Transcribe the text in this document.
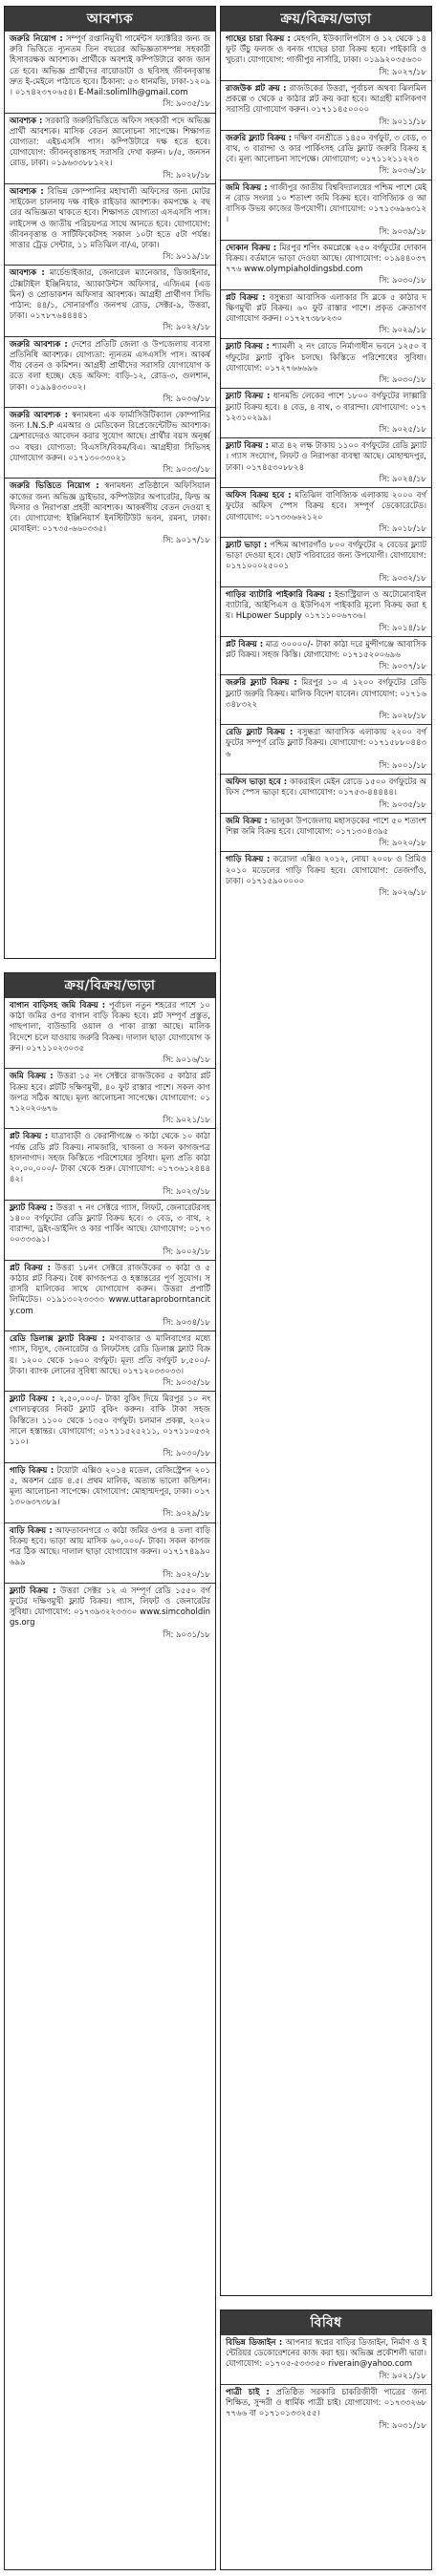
আবশ্যক
জরুরি নিয়োগ : সম্পূর্ণ রপ্তানিমুখী গার্মেন্টস ফ্যাক্টরির জন্য জরুরি ভিত্তিতে ন্যূনতম তিন বছরের অভিজ্ঞতাসম্পন্ন সহকারী হিসাবরক্ষক আবশ্যক। প্রার্থীকে অবশ্যই কম্পিউটারে কাজ জানতে হবে। অভিজ্ঞ প্রার্থীদের বায়োডাটা ও ছবিসহ জীবনবৃত্তান্ত দ্রুত ই-মেইলে পাঠাতে হবে। ঠিকানা: ৫৩ ধানমন্ডি, ঢাকা-১২০৯। ০১৭৪২৩৭০৬৫৪। E-Mail:solimllh@gmail.com
সি: ৯০৩৫/১৮
আবশ্যক : সরকারি জরুরিভিত্তিতে অফিস সহকারী পদে অভিজ্ঞ প্রার্থী আবশ্যক। মাসিক বেতন আলোচনা সাপেক্ষে। শিক্ষাগত যোগ্যতা: এইচএসসি পাস। কম্পিউটারে দক্ষ হতে হবে। যোগাযোগ: জীবনবৃত্তান্তসহ সরাসরি দেখা করুন। ৮/৫, জনসন রোড, ঢাকা। ০১৯৬৩৩৮৮১২২।
সি: ৯০২৮/১৮
আবশ্যক : বিভিন্ন কোম্পানির মহাখালী অফিসের জন্য মোটরসাইকেল চালনায় দক্ষ বাইক রাইডার আবশ্যক। কমপক্ষে ২ বছরের অভিজ্ঞতা থাকতে হবে। শিক্ষাগত যোগ্যতা এসএসসি পাস। লাইসেন্স ও জাতীয় পরিচয়পত্র সাথে আনতে হবে। যোগাযোগ: জীবনবৃত্তান্ত ও সার্টিফিকেটসহ সকাল ১০টা হতে ৫টা পর্যন্ত। সাত্তার ট্রেড সেন্টার, ১১ মতিঝিল বা/এ, ঢাকা।
সি: ৯০১৯/১৮
আবশ্যক : মার্চেন্ডাইজার, জেনারেল ম্যানেজার, ডিজাইনার, টেক্সটাইল ইঞ্জিনিয়ার, অ্যাকাউন্টস অফিসার, এজিএম (এডমিন) ও প্রোডাকশন অফিসার আবশ্যক। আগ্রহী প্রার্থীগণ সিভি পাঠান: ৪৪/১, সোনারগাঁও জনপথ রোড, সেক্টর-৯, উত্তরা, ঢাকা। ০১৭৮৭৬৪৪৪৪১
সি: ৯০২২/১৮
জরুরি আবশ্যক : দেশের প্রতিটি জেলা ও উপজেলায় ব্যবসা প্রতিনিধি আবশ্যক। যোগ্যতা: ন্যূনতম এসএসসি পাস। আকর্ষণীয় বেতন ও কমিশন। আগ্রহী প্রার্থীদের সরাসরি যোগাযোগ করতে বলা হচ্ছে। হেড অফিস: বাড়ি-১২, রোড-৩, গুলশান, ঢাকা। ০১৯৯৪৩৩০০২।
সি: ৯০৩৬/১৮
জরুরি আবশ্যক : স্বনামধন্য এক ফার্মাসিউটিক্যাল কোম্পানির জন্য I.N.S.P এমআর ও মেডিকেল রিপ্রেজেন্টেটিভ আবশ্যক। ফ্রেশারদেরও আবেদন করার সুযোগ আছে। প্রার্থীর বয়স অনূর্ধ্ব ৩০ বছর। যোগ্যতা: বিএসসি/বিকম/বিএ। আগ্রহীরা সিভিসহ যোগাযোগ করুন। ০১৭১৩০৩৩০২১
সি: ৯০৩৩/১৮
জরুরি ভিত্তিতে নিয়োগ : স্বনামধন্য প্রতিষ্ঠানে অফিসিয়াল কাজের জন্য অভিজ্ঞ ড্রাইভার, কম্পিউটার অপারেটর, ফিল্ড অফিসার ও নিরাপত্তা প্রহরী আবশ্যক। আকর্ষণীয় বেতন দেওয়া হবে। যোগাযোগ: ইঞ্জিনিয়ার্স ইনস্টিটিউট ভবন, রমনা, ঢাকা। মোবাইল: ০১৭৩৫-৬৬০৩৩৫।
সি: ৯০১৭/১৮
ক্রয়/বিক্রয়/ভাড়া
বাগান বাড়িসহ জমি বিক্রয় : পূর্বাচল নতুন শহরের পাশে ১০ কাঠা জমির ওপর বাগান বাড়ি বিক্রয় হবে। প্লট সম্পূর্ণ প্রস্তুত, গাছপালা, বাউন্ডারি ওয়াল ও পাকা রাস্তা আছে। মালিক বিদেশে চলে যাওয়ায় জরুরি বিক্রয়। দালাল ছাড়া যোগাযোগ করুন। ০১৭১১০২৩০৩৫
সি: ৯০১৬/১৮
জমি বিক্রয় : উত্তরা ১৫ নং সেক্টরে রাজউকের ৫ কাঠার প্লট বিক্রয় হবে। প্লটটি দক্ষিণমুখী, ৪০ ফুট রাস্তার পাশে। সকল কাগজপত্র সঠিক আছে। মূল্য আলোচনা সাপেক্ষে। যোগাযোগ: ০১৭১২০২০৬৭৬
সি: ৯০২১/১৮
প্লট বিক্রয় : যাত্রাবাড়ী ও কেরানীগঞ্জে ৩ কাঠা থেকে ১০ কাঠা পর্যন্ত রেডি প্লট বিক্রয়। নামজারি, খাজনা ও সকল কাগজপত্র হালনাগাদ। সহজ কিস্তিতে পরিশোধের সুবিধা। মূল্য প্রতি কাঠা ২০,০০,০০০/- টাকা থেকে শুরু। যোগাযোগ: ০১৭৩৬১২৪৪৪৪২।
সি: ৯০২৩/১৮
ফ্ল্যাট বিক্রয় : উত্তরা ৭ নং সেক্টরে গ্যাস, লিফট, জেনারেটরসহ ১৪০০ বর্গফুটের রেডি ফ্ল্যাট বিক্রয় হবে। ৩ বেড, ৩ বাথ, ২ বারান্দা, ড্রইং-ডাইনিং ও কার পার্কিং আছে। যোগাযোগ: ০১৭৩০০৩৩৩৯১।
সি: ৯০০২/১৮
প্লট বিক্রয় : উত্তরা ১৮নং সেক্টরে রাজউকের ৩ কাঠা ও ৫ কাঠার প্লট বিক্রয়। বৈধ কাগজপত্র ও হস্তান্তরের পূর্ণ সুযোগ। সরাসরি মালিকের সাথে যোগাযোগ করুন। উত্তরা প্রপার্টি লিমিটেড। ০১৯১৩০২৩৩৩৩ www.uttaraproborntancity.com
সি: ৯০৩৪/১৮
রেডি ডিলাক্স ফ্ল্যাট বিক্রয় : মগবাজার ও মালিবাগের মধ্যে গ্যাস, বিদ্যুৎ, জেনারেটর ও লিফটসহ রেডি ডিলাক্স ফ্ল্যাট বিক্রয়। ১২০০ থেকে ১৬০০ বর্গফুট। মূল্য প্রতি বর্গফুট ৮,৫০০/- টাকা। ব্যাংক লোনের সুবিধা আছে। ০১৭১২০৩৩০৩৩।
সি: ৯০৩৫/১৮
ফ্ল্যাট বিক্রয় : ২,৫০,০০০/- টাকা বুকিং দিয়ে মিরপুর ১০ নং গোলচত্বরের নিকট ফ্ল্যাট বুকিং করুন। বাকি টাকা সহজ কিস্তিতে। ১১০০ থেকে ১৩৫০ বর্গফুট। চলমান প্রকল্প, ২০২০ সালে হস্তান্তর। যোগাযোগ: ০১৭১১৫২৫২১১, ০১৭১১০৫৩২১১০।
সি: ৯০৩০/১৮
গাড়ি বিক্রয় : টয়োটা এক্সিও ২০১৪ মডেল, রেজিস্ট্রেশন ২০১৫, অকশন গ্রেড ৪.৫। প্রথম মালিক, অত্যন্ত ভালো কন্ডিশন। মূল্য আলোচনা সাপেক্ষে। যোগাযোগ: মোহাম্মদপুর, ঢাকা। ০১৭১৩০৬৩৭৩৮৯।
সি: ৯০২৯/১৮
বাড়ি বিক্রয় : আফতাবনগরে ৩ কাঠা জমির ওপর ৪ তলা বাড়ি বিক্রয় হবে। ভাড়া আয় মাসিক ৬০,০০০/- টাকা। সকল কাগজপত্র ঠিক আছে। দালাল ছাড়া যোগাযোগ করুন। ০১৭১৭৪৯৯০৬৯৯
সি: ৯০২০/১৮
ফ্ল্যাট বিক্রয় : উত্তরা সেক্টর ১২ এ সম্পূর্ণ রেডি ১৫৫০ বর্গফুটের দক্ষিণমুখী ফ্ল্যাট বিক্রয়। গ্যাস, লিফট ও জেনারেটর সুবিধা। যোগাযোগ: ০১৭৩৯৩২২৩৩৩০ www.simcoholdings.org
সি: ৯০৩১/১৮
ক্রয়/বিক্রয়/ভাড়া
গাছের চারা বিক্রয় : মেহগনি, ইউক্যালিপটাস ও ১২ থেকে ১৪ ফুট উঁচু ফলজ ও বনজ গাছের চারা বিক্রয় হবে। পাইকারি ও খুচরা। যোগাযোগ: গাজীপুর নার্সারি, ঢাকা। ০১৯৯২০৩৫৬৩০
সি: ৯০২৭/১৮
রাজউক প্লট ক্রয় : রাজউকের উত্তরা, পূর্বাচল অথবা ঝিলমিল প্রকল্পে ৩ থেকে ৫ কাঠার প্লট ক্রয় করা হবে। আগ্রহী মালিকগণ সরাসরি যোগাযোগ করুন। ০১৭১১৪৫০০০০
সি: ৯০১১/১৮
জরুরি ফ্ল্যাট বিক্রয় : দক্ষিণ বনশ্রীতে ১৪৫০ বর্গফুট, ৩ বেড, ৩ বাথ, ৩ বারান্দা ও কার পার্কিংসহ রেডি ফ্ল্যাট জরুরি বিক্রয় হবে। মূল্য আলোচনা সাপেক্ষে। যোগাযোগ: ০১৭১১২১১২২৩
সি: ৯০৩৬/১৮
জমি বিক্রয় : গাজীপুর জাতীয় বিশ্ববিদ্যালয়ের পশ্চিম পাশে মেইন রোড সংলগ্ন ১০ শতাংশ জমি বিক্রয় হবে। বাণিজ্যিক ও আবাসিক উভয় কাজের উপযোগী। যোগাযোগ: ০১৭১৩৬৯৬৩১২।
সি: ৯০৩৯/১৮
দোকান বিক্রয় : মিরপুর শপিং কমপ্লেক্সে ২৫০ বর্গফুটের দোকান বিক্রয়। বর্তমানে ভাড়া দেওয়া আছে। যোগাযোগ: ০১৯৪৪০৩৭৭৭৬ www.olympiaholdingsbd.com
সি: ৯০৩০/১৮
প্লট বিক্রয় : বসুন্ধরা আবাসিক এলাকার সি ব্লকে ৫ কাঠার দক্ষিণমুখী প্লট বিক্রয়। ৬০ ফুট রাস্তার পাশে। প্রকৃত ক্রেতাগণ যোগাযোগ করুন। ০১৭২৭৩৮৮২৩০
সি: ৯০২৯/১৮
ফ্ল্যাট বিক্রয় : শ্যামলী ২ নং রোডে নির্মাণাধীন ভবনে ১২৫০ বর্গফুটের ফ্ল্যাট বুকিং চলছে। কিস্তিতে পরিশোধের সুবিধা। যোগাযোগ: ০১৭২৭৬৬৬৯৬
সি: ৯০৩০/১৮
ফ্ল্যাট বিক্রয় : ধানমন্ডি লেকের পাশে ১৮০০ বর্গফুটের লাক্সারি ফ্ল্যাট বিক্রয় হবে। ৪ বেড, ৪ বাথ, ৩ বারান্দা। যোগাযোগ: ০১৭১২৩১০২৯৯।
সি: ৯০২৫/১৮
ফ্ল্যাট বিক্রয় : মাত্র ৪২ লক্ষ টাকায় ১১০০ বর্গফুটের রেডি ফ্ল্যাট। গ্যাস সংযোগ, লিফট ও নিরাপত্তা ব্যবস্থা আছে। মোহাম্মদপুর, ঢাকা। ০১৭৪৫৩০৮৮২৪
সি: ৯০২৪/১৮
অফিস বিক্রয় হবে : মতিঝিল বাণিজ্যিক এলাকায় ২০০০ বর্গফুটের অফিস স্পেস বিক্রয় হবে। সম্পূর্ণ ডেকোরেটেড। যোগাযোগ: ০১৭৩৩৬৬২১২০
সি: ৯০১৮/১৮
ফ্ল্যাট ভাড়া : পশ্চিম আগারগাঁও ৮০০ বর্গফুটের ২ বেডের ফ্ল্যাট ভাড়া দেওয়া হবে। ছোট পরিবারের জন্য উপযোগী। যোগাযোগ: ০১৭১০০০২৫০০১
সি: ৯০৩২/১৮
গাড়ির ব্যাটারি পাইকারি বিক্রয় : ইন্ডাস্ট্রিয়াল ও অটোমোবাইল ব্যাটারি, আইপিএস ও ইউপিএস পাইকারি মূল্যে বিক্রয় করা হয়। HLpower Supply ০১৭১১০০৬৭৩৬।
সি: ৯০১৪/১৮
প্লট বিক্রয় : মাত্র ৩০০০০/- টাকা কাঠা দরে মুন্সীগঞ্জে আবাসিক প্লট বিক্রয়। সহজ কিস্তি। যোগাযোগ: ০১৭১৫২০০৬৯৬
সি: ৯০৩৭/১৮
জরুরি ফ্ল্যাট বিক্রয় : মিরপুর ১০ এ ১২০০ বর্গফুটের রেডি ফ্ল্যাট জরুরি বিক্রয়। মালিক বিদেশ যাবেন। যোগাযোগ: ০১৭১৬৩৪৮৩২২
সি: ৯০২৮/১৮
রেডি ফ্ল্যাট বিক্রয় : বসুন্ধরা আবাসিক এলাকায় ২২০০ বর্গফুটের সম্পূর্ণ রেডি ফ্ল্যাট বিক্রয়। যোগাযোগ: ০১৭১৫৮৮০৪৪৩৬
সি: ৯০০১/১৮
অফিস ভাড়া হবে : কাকরাইল মেইন রোডে ১৫০০ বর্গফুটের অফিস স্পেস ভাড়া হবে। যোগাযোগ: ০১৭৫৩-৪৪৪৪৪।
সি: ৯০৩৫/১৮
জমি বিক্রয় : ভালুকা উপজেলায় মহাসড়কের পাশে ৫০ শতাংশ শিল্প জমি বিক্রয় হবে। যোগাযোগ: ০১৭১৩০৪৩৯৫
সি: ৯০২০/১৮
গাড়ি বিক্রয় : করোলা এক্সিও ২০১২, নোয়া ২০০৮ ও প্রিমিও ২০১০ মডেলের গাড়ি বিক্রয় হবে। যোগাযোগ: তেজগাঁও, ঢাকা। ০১৭১৫৯০০০০০
সি: ৯০২৬/১৮
বিবিধ
বিভিন্ন ডিজাইন : আপনার স্বপ্নের বাড়ির ডিজাইন, নির্মাণ ও ইন্টেরিয়র ডেকোরেশনের কাজ করা হয়। অভিজ্ঞ প্রকৌশলী দ্বারা। যোগাযোগ: ০১৭০৫-৫৩৩৩৫০ riverain@yahoo.com
সি: ৯০২১/১৮
পাত্রী চাই : প্রতিষ্ঠিত সরকারি চাকরিজীবী পাত্রের জন্য শিক্ষিত, সুন্দরী ও ধার্মিক পাত্রী চাই। যোগাযোগ: ০১৭৩৩২৬৮৭৭৬৬ বা ০১৭১০১৩৩২৫৫।
সি: ৯০৩১/১৮
